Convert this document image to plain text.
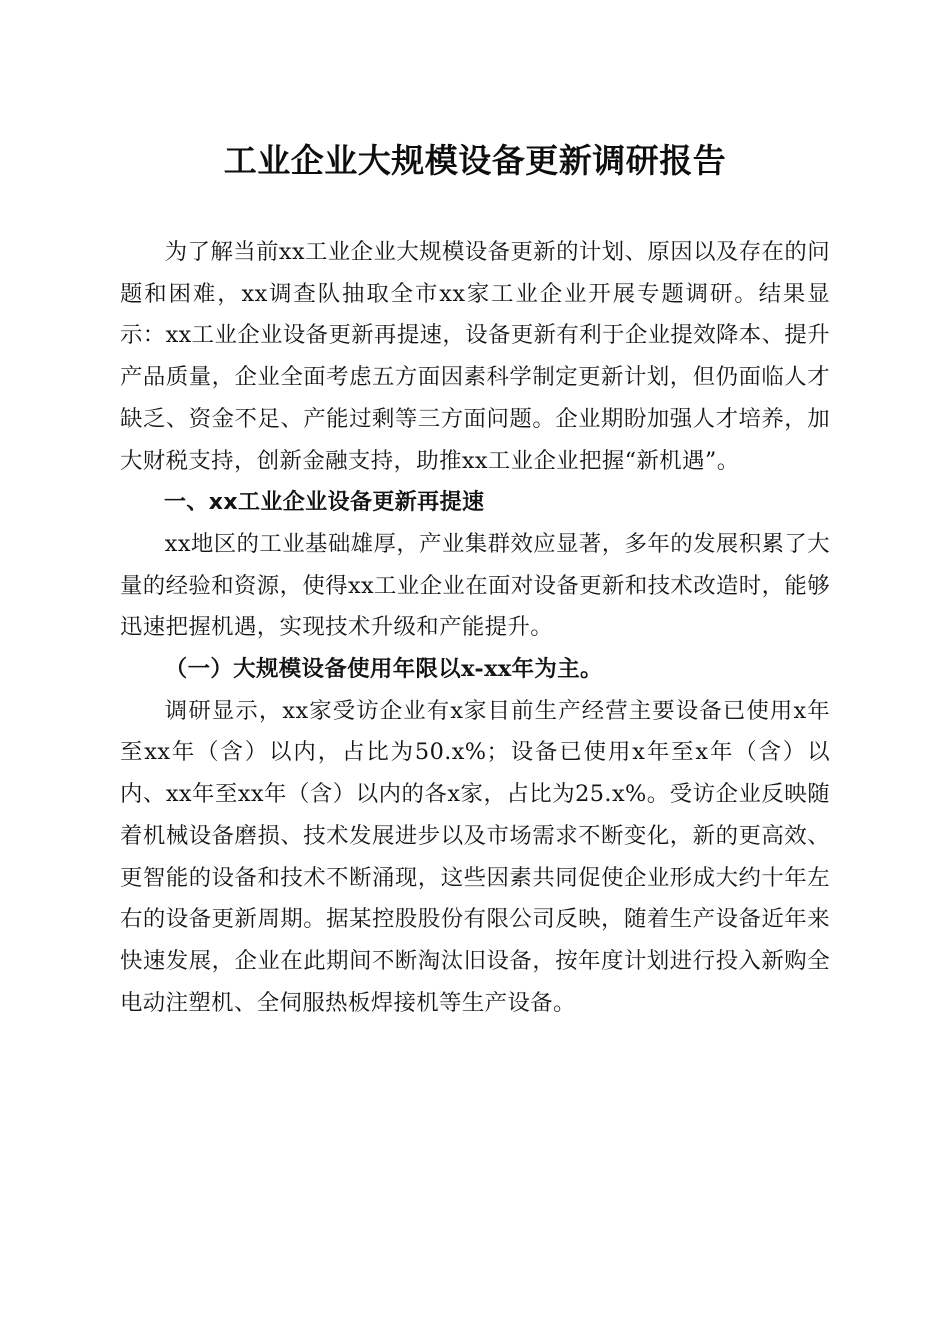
工业企业大规模设备更新调研报告

为了解当前xx工业企业大规模设备更新的计划、原因以及存在的问题和困难，xx调查队抽取全市xx家工业企业开展专题调研。结果显示：xx工业企业设备更新再提速，设备更新有利于企业提效降本、提升产品质量，企业全面考虑五方面因素科学制定更新计划，但仍面临人才缺乏、资金不足、产能过剩等三方面问题。企业期盼加强人才培养，加大财税支持，创新金融支持，助推xx工业企业把握“新机遇”。

一、xx工业企业设备更新再提速

xx地区的工业基础雄厚，产业集群效应显著，多年的发展积累了大量的经验和资源，使得xx工业企业在面对设备更新和技术改造时，能够迅速把握机遇，实现技术升级和产能提升。

（一）大规模设备使用年限以x-xx年为主。

调研显示，xx家受访企业有x家目前生产经营主要设备已使用x年至xx年（含）以内，占比为50.x%；设备已使用x年至x年（含）以内、xx年至xx年（含）以内的各x家，占比为25.x%。受访企业反映随着机械设备磨损、技术发展进步以及市场需求不断变化，新的更高效、更智能的设备和技术不断涌现，这些因素共同促使企业形成大约十年左右的设备更新周期。据某控股股份有限公司反映，随着生产设备近年来快速发展，企业在此期间不断淘汰旧设备，按年度计划进行投入新购全电动注塑机、全伺服热板焊接机等生产设备。
